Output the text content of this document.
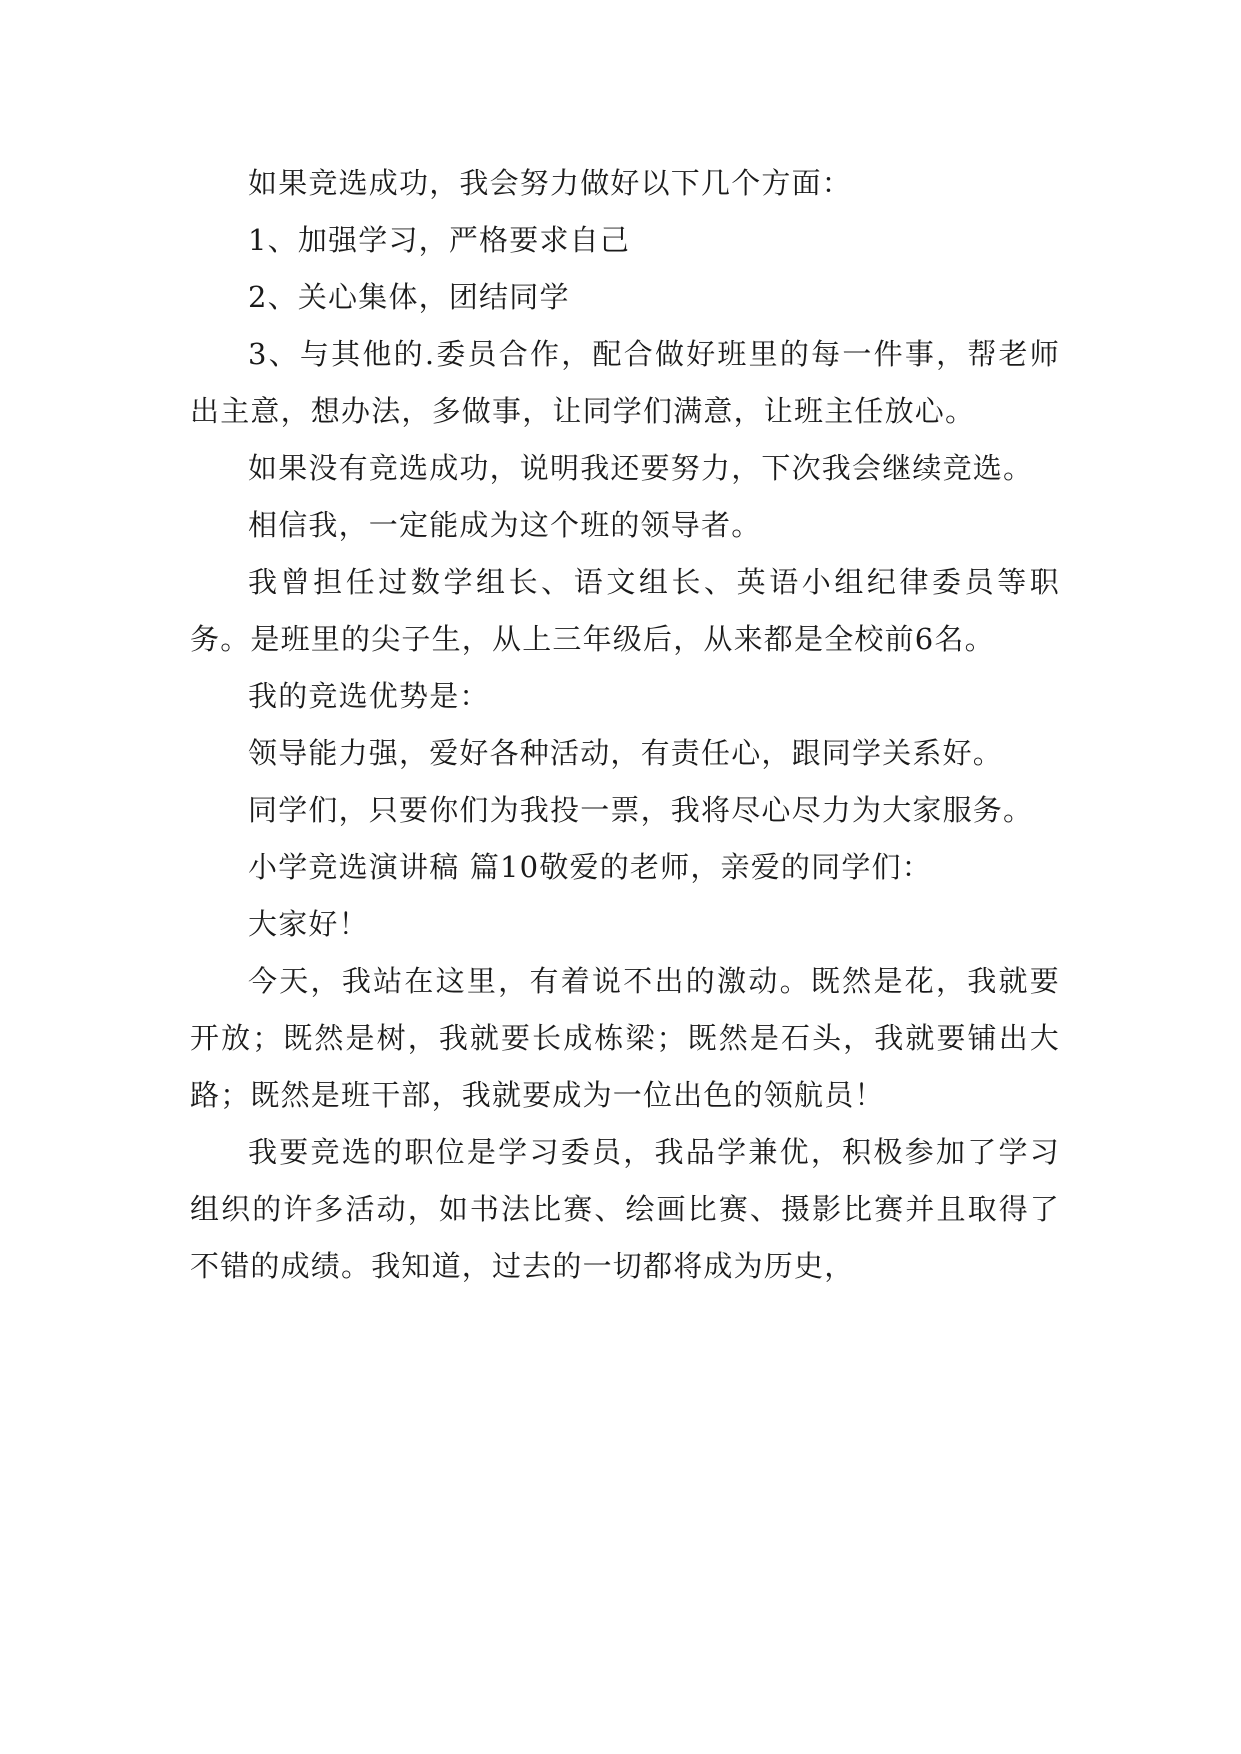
如果竞选成功，我会努力做好以下几个方面：

1、加强学习，严格要求自己

2、关心集体，团结同学

3、与其他的.委员合作，配合做好班里的每一件事，帮老师出主意，想办法，多做事，让同学们满意，让班主任放心。

如果没有竞选成功，说明我还要努力，下次我会继续竞选。

相信我，一定能成为这个班的领导者。

我曾担任过数学组长、语文组长、英语小组纪律委员等职务。是班里的尖子生，从上三年级后，从来都是全校前6名。

我的竞选优势是：

领导能力强，爱好各种活动，有责任心，跟同学关系好。

同学们，只要你们为我投一票，我将尽心尽力为大家服务。

小学竞选演讲稿 篇10敬爱的老师，亲爱的同学们：

大家好！

今天，我站在这里，有着说不出的激动。既然是花，我就要开放；既然是树，我就要长成栋梁；既然是石头，我就要铺出大路；既然是班干部，我就要成为一位出色的领航员！

我要竞选的职位是学习委员，我品学兼优，积极参加了学习组织的许多活动，如书法比赛、绘画比赛、摄影比赛并且取得了不错的成绩。我知道，过去的一切都将成为历史，
